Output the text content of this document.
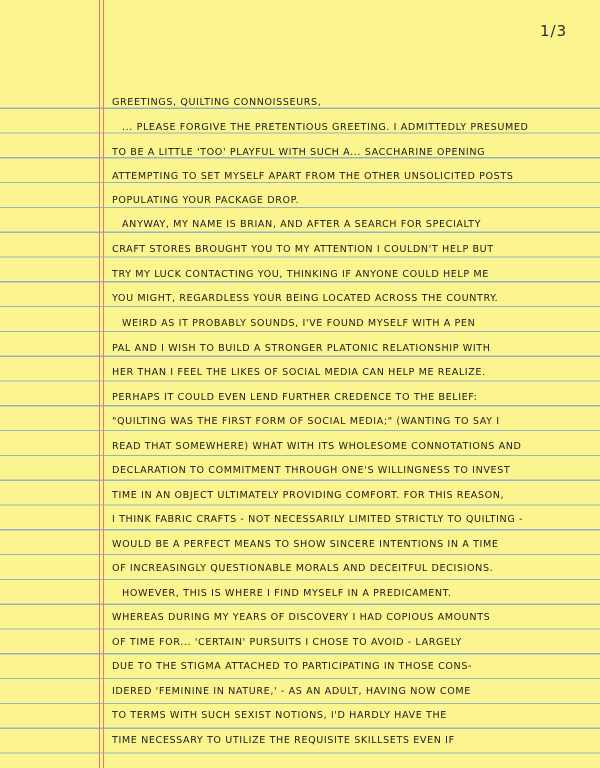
1/3
GREETINGS, QUILTING CONNOISSEURS,
... PLEASE FORGIVE THE PRETENTIOUS GREETING. I ADMITTEDLY PRESUMED
TO BE A LITTLE 'TOO' PLAYFUL WITH SUCH A... SACCHARINE OPENING
ATTEMPTING TO SET MYSELF APART FROM THE OTHER UNSOLICITED POSTS
POPULATING YOUR PACKAGE DROP.
ANYWAY, MY NAME IS BRIAN, AND AFTER A SEARCH FOR SPECIALTY
CRAFT STORES BROUGHT YOU TO MY ATTENTION I COULDN'T HELP BUT
TRY MY LUCK CONTACTING YOU, THINKING IF ANYONE COULD HELP ME
YOU MIGHT, REGARDLESS YOUR BEING LOCATED ACROSS THE COUNTRY.
WEIRD AS IT PROBABLY SOUNDS, I'VE FOUND MYSELF WITH A PEN
PAL AND I WISH TO BUILD A STRONGER PLATONIC RELATIONSHIP WITH
HER THAN I FEEL THE LIKES OF SOCIAL MEDIA CAN HELP ME REALIZE.
PERHAPS IT COULD EVEN LEND FURTHER CREDENCE TO THE BELIEF:
"QUILTING WAS THE FIRST FORM OF SOCIAL MEDIA;" (WANTING TO SAY I
READ THAT SOMEWHERE) WHAT WITH ITS WHOLESOME CONNOTATIONS AND
DECLARATION TO COMMITMENT THROUGH ONE'S WILLINGNESS TO INVEST
TIME IN AN OBJECT ULTIMATELY PROVIDING COMFORT. FOR THIS REASON,
I THINK FABRIC CRAFTS - NOT NECESSARILY LIMITED STRICTLY TO QUILTING -
WOULD BE A PERFECT MEANS TO SHOW SINCERE INTENTIONS IN A TIME
OF INCREASINGLY QUESTIONABLE MORALS AND DECEITFUL DECISIONS.
HOWEVER, THIS IS WHERE I FIND MYSELF IN A PREDICAMENT.
WHEREAS DURING MY YEARS OF DISCOVERY I HAD COPIOUS AMOUNTS
OF TIME FOR... 'CERTAIN' PURSUITS I CHOSE TO AVOID - LARGELY
DUE TO THE STIGMA ATTACHED TO PARTICIPATING IN THOSE CONS-
IDERED 'FEMININE IN NATURE,' - AS AN ADULT, HAVING NOW COME
TO TERMS WITH SUCH SEXIST NOTIONS, I'D HARDLY HAVE THE
TIME NECESSARY TO UTILIZE THE REQUISITE SKILLSETS EVEN IF
